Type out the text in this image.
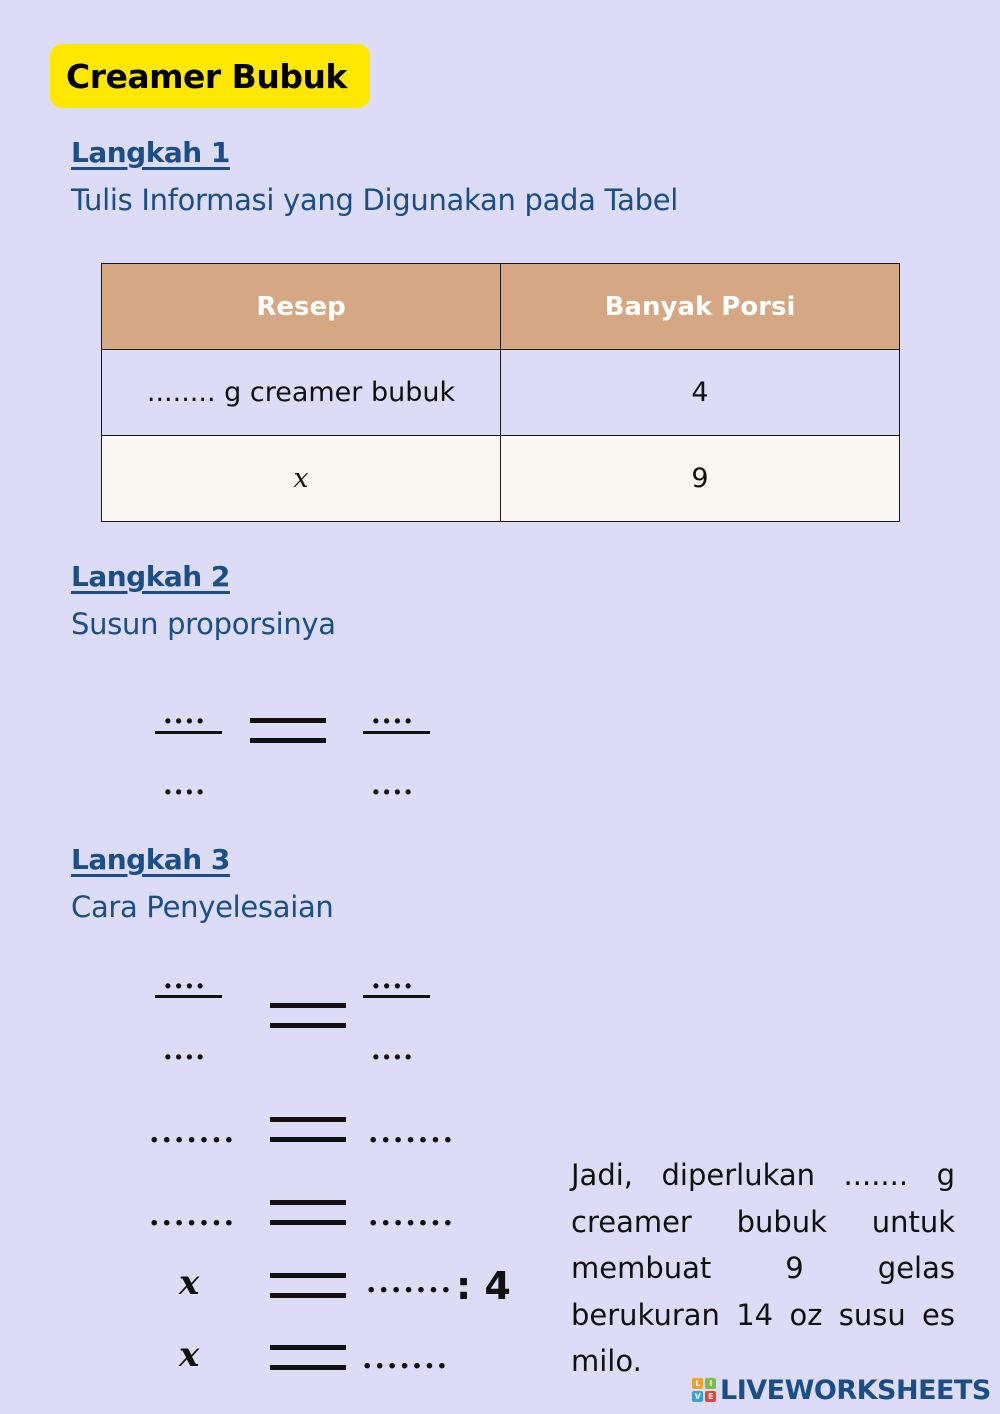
Creamer Bubuk
Langkah 1
Tulis Informasi yang Digunakan pada Tabel
Resep	Banyak Porsi
........ g creamer bubuk	4
x	9
Langkah 2
Susun proporsinya
....
....
....
....
Langkah 3
Cara Penyelesaian
....
....
....
....
.......	.......
.......	.......
x	....... : 4
x	.......
Jadi, diperlukan ....... g
creamer bubuk untuk
membuat 9 gelas
berukuran 14 oz susu es
milo.
L	I
V E LIVEWORKSHEETS
